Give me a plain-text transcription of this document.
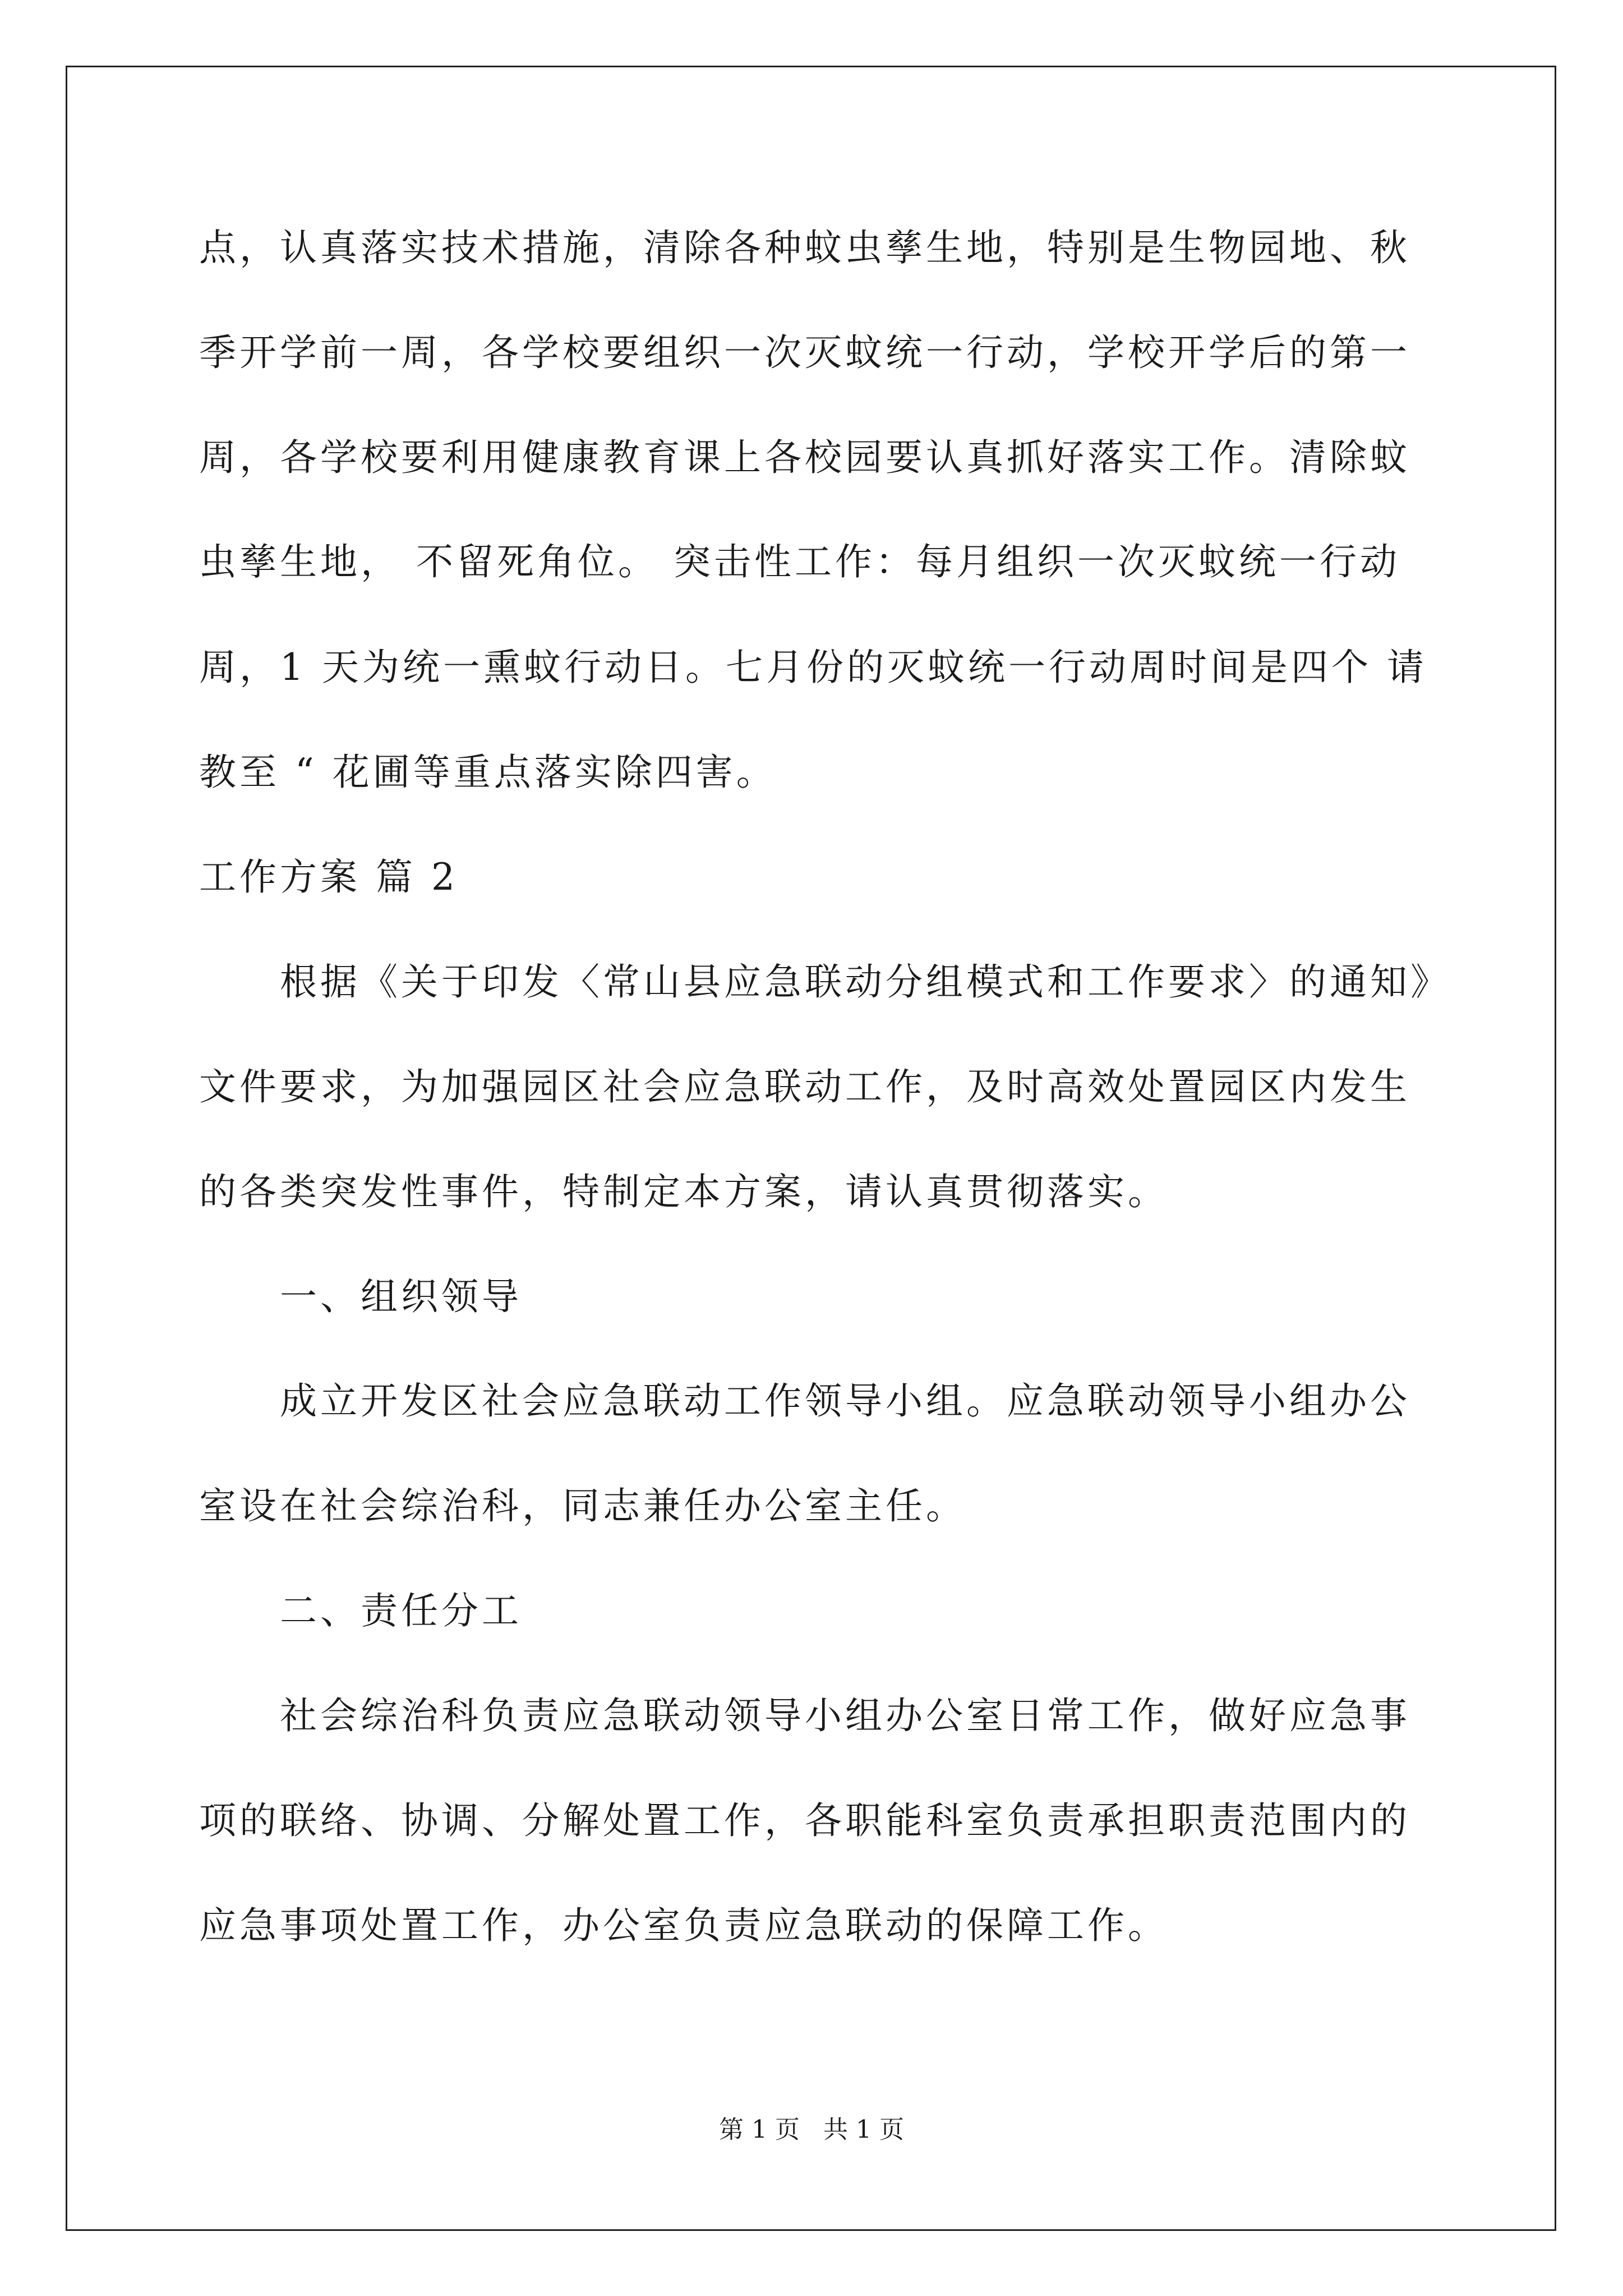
点，认真落实技术措施，清除各种蚊虫孳生地，特别是生物园地、秋
季开学前一周，各学校要组织一次灭蚊统一行动，学校开学后的第一
周，各学校要利用健康教育课上各校园要认真抓好落实工作。清除蚊
虫孳生地， 不留死角位。 突击性工作：每月组织一次灭蚊统一行动
周，1 天为统一熏蚊行动日。七月份的灭蚊统一行动周时间是四个 请
教至 “ 花圃等重点落实除四害。
工作方案 篇 2
根据《关于印发〈常山县应急联动分组模式和工作要求〉的通知》
文件要求，为加强园区社会应急联动工作，及时高效处置园区内发生
的各类突发性事件，特制定本方案，请认真贯彻落实。
一、组织领导
成立开发区社会应急联动工作领导小组。应急联动领导小组办公
室设在社会综治科，同志兼任办公室主任。
二、责任分工
社会综治科负责应急联动领导小组办公室日常工作，做好应急事
项的联络、协调、分解处置工作，各职能科室负责承担职责范围内的
应急事项处置工作，办公室负责应急联动的保障工作。
第 1 页   共 1 页
